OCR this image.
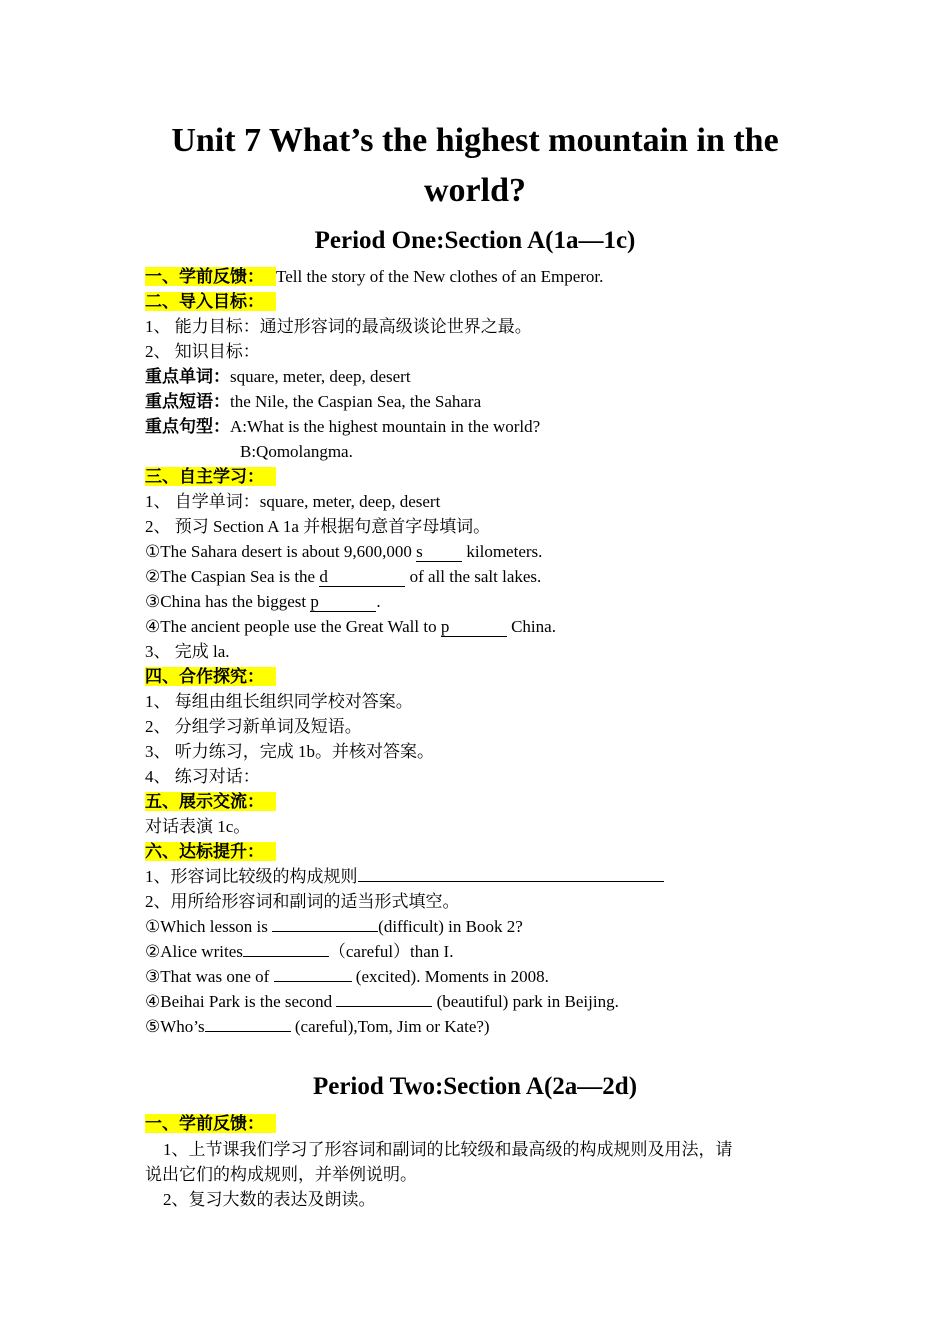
Unit 7 What’s the highest mountain in the
world?
Period One:Section A(1a—1c)
一、学前反馈： Tell the story of the New clothes of an Emperor.
二、导入目标：
1、 能力目标：通过形容词的最高级谈论世界之最。
2、 知识目标：
重点单词：square, meter, deep, desert
重点短语：the Nile, the Caspian Sea, the Sahara
重点句型：A:What is the highest mountain in the world?
B:Qomolangma.
三、自主学习：
1、 自学单词：square, meter, deep, desert
2、 预习 Section A 1a 并根据句意首字母填词。
①The Sahara desert is about 9,600,000 s kilometers.
②The Caspian Sea is the d	of all the salt lakes.
③China has the biggest p	.
④The ancient people use the Great Wall to p	China.
3、 完成 la.
四、合作探究：
1、 每组由组长组织同学校对答案。
2、 分组学习新单词及短语。
3、 听力练习，完成 1b。并核对答案。
4、 练习对话：
五、展示交流：
对话表演 1c。
六、达标提升：
1、形容词比较级的构成规则
2、用所给形容词和副词的适当形式填空。
①Which lesson is	(difficult) in Book 2?
②Alice writes	（careful）than I.
③That was one of	(excited). Moments in 2008.
④Beihai Park is the second	(beautiful) park in Beijing.
⑤Who’s	(careful),Tom, Jim or Kate?)
Period Two:Section A(2a—2d)
一、学前反馈：
1、上节课我们学习了形容词和副词的比较级和最高级的构成规则及用法，请
说出它们的构成规则，并举例说明。
2、复习大数的表达及朗读。
